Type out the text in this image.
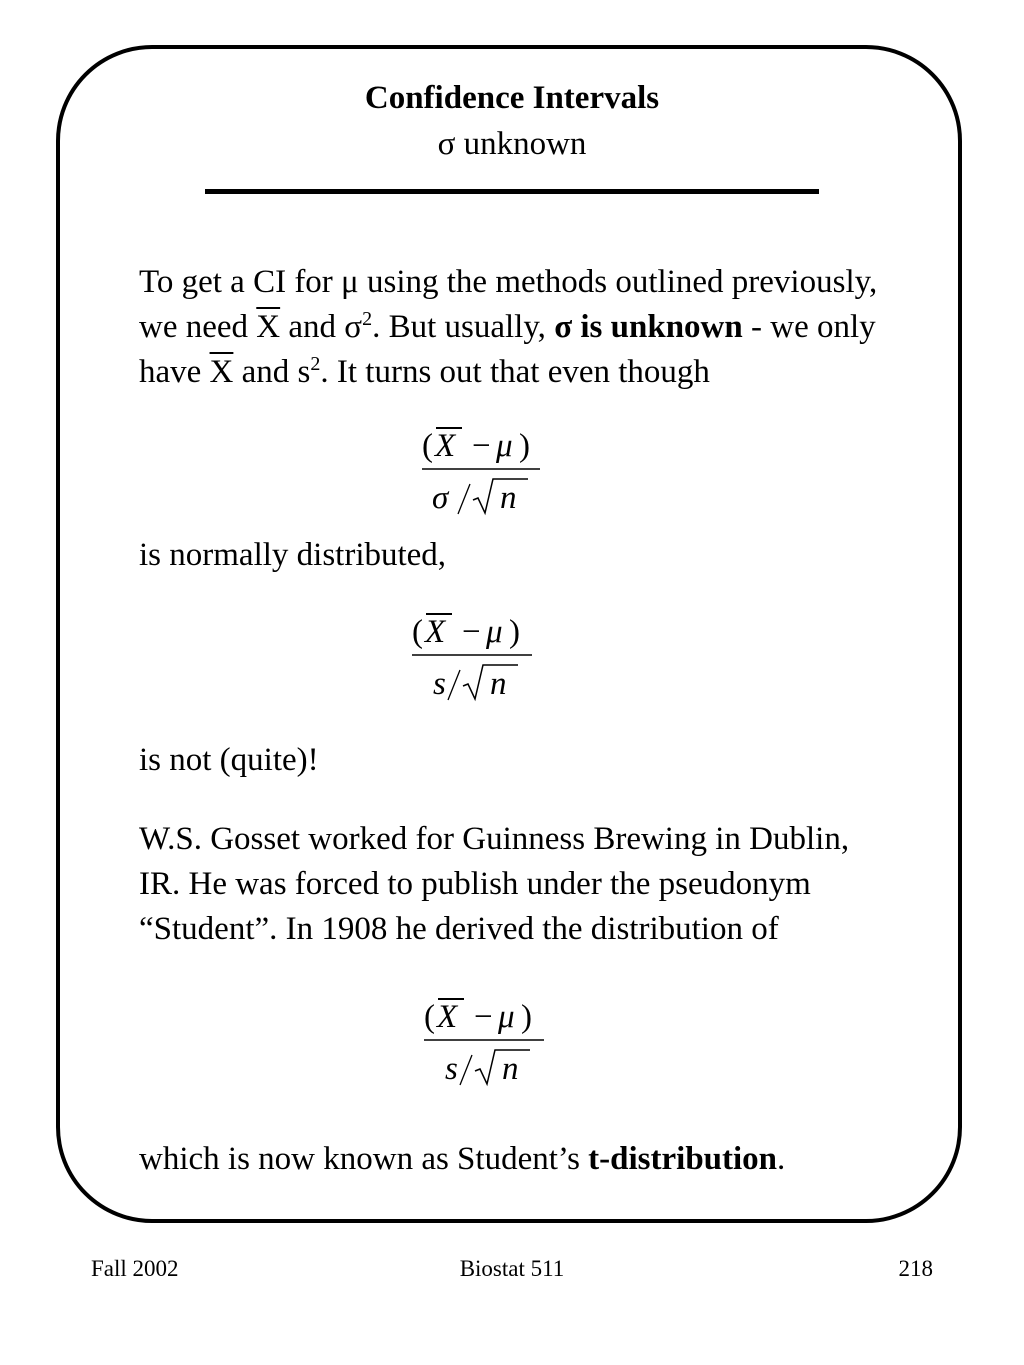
Confidence Intervals
σ unknown

To get a CI for μ using the methods outlined previously, we need $\overline{X}$ and $\sigma^2$. But usually, σ is unknown - we only have $\overline{X}$ and $s^2$. It turns out that even though

( X − μ )
σ n

is normally distributed,

( X − μ )
s n

is not (quite)!

W.S. Gosset worked for Guinness Brewing in Dublin, IR. He was forced to publish under the pseudonym “Student”. In 1908 he derived the distribution of

( X − μ )
s n

which is now known as Student’s t-distribution.

Fall 2002	Biostat 511	218
